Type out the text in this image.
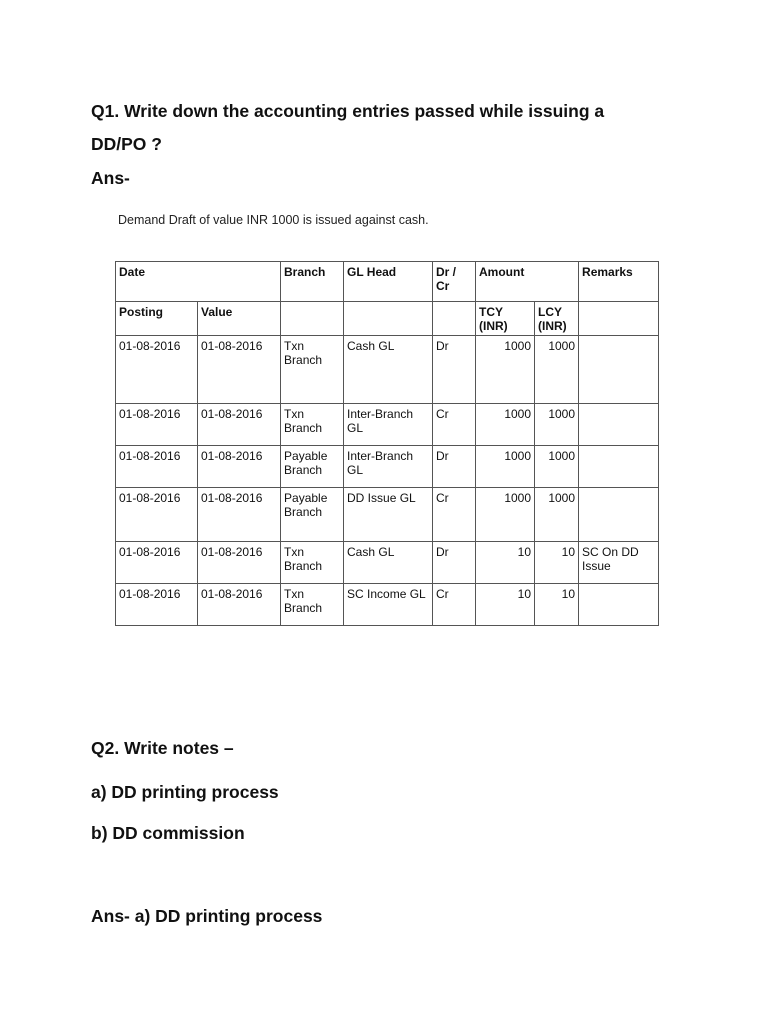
Q1. Write down the accounting entries passed while issuing a DD/PO ?

Ans-

Demand Draft of value INR 1000 is issued against cash.
Date		Branch	GL Head	Dr / Cr	Amount		Remarks
Posting	Value				TCY (INR)	LCY (INR)	
01-08-2016	01-08-2016	Txn Branch	Cash GL	Dr	1000	1000	
01-08-2016	01-08-2016	Txn Branch	Inter-Branch GL	Cr	1000	1000	
01-08-2016	01-08-2016	Payable Branch	Inter-Branch GL	Dr	1000	1000	
01-08-2016	01-08-2016	Payable Branch	DD Issue GL	Cr	1000	1000	
01-08-2016	01-08-2016	Txn Branch	Cash GL	Dr	10	10	SC On DD Issue
01-08-2016	01-08-2016	Txn Branch	SC Income GL	Cr	10	10	

Q2. Write notes –

a) DD printing process

b) DD commission

Ans- a) DD printing process
